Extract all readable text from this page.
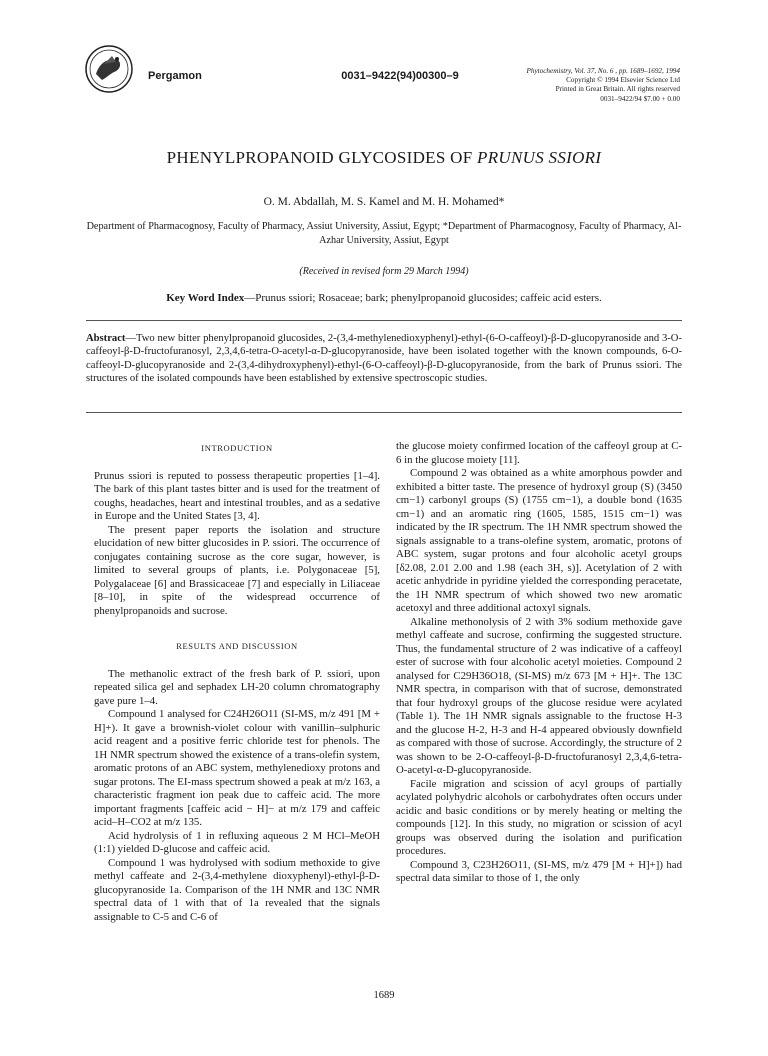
Pergamon	0031–9422(94)00300–9	Phytochemistry, Vol. 37, No. 6 , pp. 1689–1692, 1994
Copyright © 1994 Elsevier Science Ltd
Printed in Great Britain. All rights reserved
0031–9422/94 $7.00 + 0.00
PHENYLPROPANOID GLYCOSIDES OF PRUNUS SSIORI
O. M. Abdallah, M. S. Kamel and M. H. Mohamed*
Department of Pharmacognosy, Faculty of Pharmacy, Assiut University, Assiut, Egypt; *Department of Pharmacognosy, Faculty of Pharmacy, Al-Azhar University, Assiut, Egypt
(Received in revised form 29 March 1994)
Key Word Index—Prunus ssiori; Rosaceae; bark; phenylpropanoid glucosides; caffeic acid esters.
Abstract—Two new bitter phenylpropanoid glucosides, 2-(3,4-methylenedioxyphenyl)-ethyl-(6-O-caffeoyl)-β-D-glucopyranoside and 3-O-caffeoyl-β-D-fructofuranosyl, 2,3,4,6-tetra-O-acetyl-α-D-glucopyranoside, have been isolated together with the known compounds, 6-O-caffeoyl-D-glucopyranoside and 2-(3,4-dihydroxyphenyl)-ethyl-(6-O-caffeoyl)-β-D-glucopyranoside, from the bark of Prunus ssiori. The structures of the isolated compounds have been established by extensive spectroscopic studies.
INTRODUCTION

Prunus ssiori is reputed to possess therapeutic properties [1–4]. The bark of this plant tastes bitter and is used for the treatment of coughs, headaches, heart and intestinal troubles, and as a sedative in Europe and the United States [3, 4].

The present paper reports the isolation and structure elucidation of new bitter glucosides in P. ssiori. The occurrence of conjugates containing sucrose as the core sugar, however, is limited to several groups of plants, i.e. Polygonaceae [5], Polygalaceae [6] and Brassicaceae [7] and especially in Liliaceae [8–10], in spite of the widespread occurrence of phenylpropanoids and sucrose.

RESULTS AND DISCUSSION

The methanolic extract of the fresh bark of P. ssiori, upon repeated silica gel and sephadex LH-20 column chromatography gave pure 1–4.

Compound 1 analysed for C24H26O11 (SI-MS, m/z 491 [M + H]+). It gave a brownish-violet colour with vanillin–sulphuric acid reagent and a positive ferric chloride test for phenols. The 1H NMR spectrum showed the existence of a trans-olefin system, aromatic protons of an ABC system, methylenedioxy protons and sugar protons. The EI-mass spectrum showed a peak at m/z 163, a characteristic fragment ion peak due to caffeic acid. The more important fragments [caffeic acid − H]− at m/z 179 and caffeic acid–H–CO2 at m/z 135.

Acid hydrolysis of 1 in refluxing aqueous 2 M HCl–MeOH (1:1) yielded D-glucose and caffeic acid.

Compound 1 was hydrolysed with sodium methoxide to give methyl caffeate and 2-(3,4-methylene dioxyphenyl)-ethyl-β-D-glucopyranoside 1a. Comparison of the 1H NMR and 13C NMR spectral data of 1 with that of 1a revealed that the signals assignable to C-5 and C-6 of

the glucose moiety confirmed location of the caffeoyl group at C-6 in the glucose moiety [11].

Compound 2 was obtained as a white amorphous powder and exhibited a bitter taste. The presence of hydroxyl group (S) (3450 cm−1) carbonyl groups (S) (1755 cm−1), a double bond (1635 cm−1) and an aromatic ring (1605, 1585, 1515 cm−1) was indicated by the IR spectrum. The 1H NMR spectrum showed the signals assignable to a trans-olefine system, aromatic, protons of ABC system, sugar protons and four alcoholic acetyl groups [δ2.08, 2.01 2.00 and 1.98 (each 3H, s)]. Acetylation of 2 with acetic anhydride in pyridine yielded the corresponding peracetate, the 1H NMR spectrum of which showed two new aromatic acetoxyl and three additional actoxyl signals.

Alkaline methonolysis of 2 with 3% sodium methoxide gave methyl caffeate and sucrose, confirming the suggested structure. Thus, the fundamental structure of 2 was indicative of a caffeoyl ester of sucrose with four alcoholic acetyl moieties. Compound 2 analysed for C29H36O18, (SI-MS) m/z 673 [M + H]+. The 13C NMR spectra, in comparison with that of sucrose, demonstrated that four hydroxyl groups of the glucose residue were acylated (Table 1). The 1H NMR signals assignable to the fructose H-3 and the glucose H-2, H-3 and H-4 appeared obviously downfield as compared with those of sucrose. Accordingly, the structure of 2 was shown to be 2-O-caffeoyl-β-D-fructofuranosyl 2,3,4,6-tetra-O-acetyl-α-D-glucopyranoside.

Facile migration and scission of acyl groups of partially acylated polyhydric alcohols or carbohydrates often occurs under acidic and basic conditions or by merely heating or melting the compounds [12]. In this study, no migration or scission of acyl groups was observed during the isolation and purification procedures.

Compound 3, C23H26O11, (SI-MS, m/z 479 [M + H]+]) had spectral data similar to those of 1, the only

1689
